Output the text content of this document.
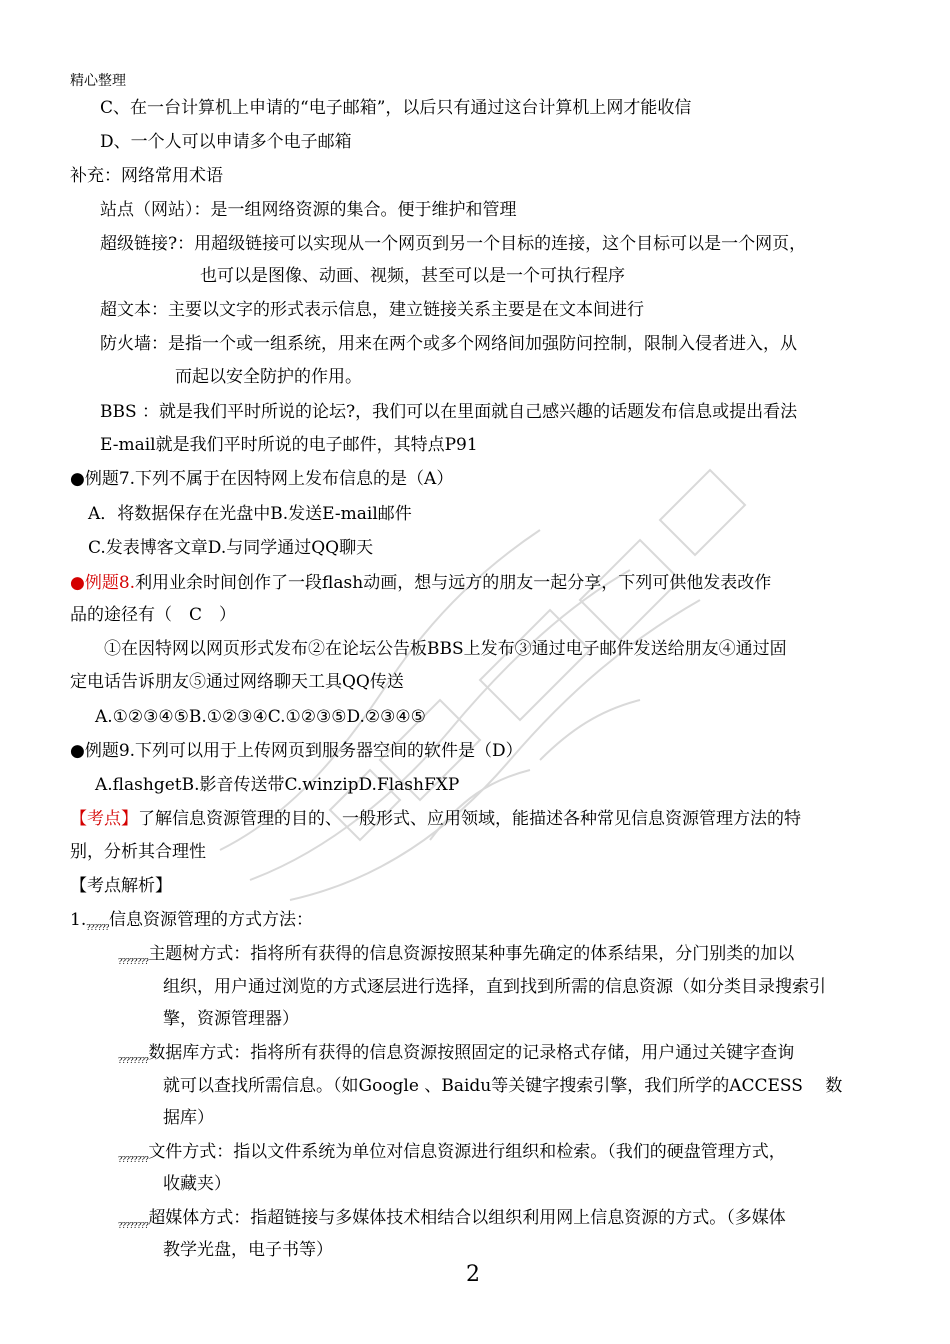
精心整理
C、在一台计算机上申请的“电子邮箱”，以后只有通过这台计算机上网才能收信
D、一个人可以申请多个电子邮箱
补充：网络常用术语
站点（网站）：是一组网络资源的集合。便于维护和管理
超级链接?：用超级链接可以实现从一个网页到另一个目标的连接，这个目标可以是一个网页，
也可以是图像、动画、视频，甚至可以是一个可执行程序
超文本：主要以文字的形式表示信息，建立链接关系主要是在文本间进行
防火墙：是指一个或一组系统，用来在两个或多个网络间加强防问控制，限制入侵者进入，从
而起以安全防护的作用。
BBS ：就是我们平时所说的论坛?，我们可以在里面就自己感兴趣的话题发布信息或提出看法
E-mail就是我们平时所说的电子邮件，其特点P91
●例题7.下列不属于在因特网上发布信息的是（A）
A．将数据保存在光盘中B.发送E-mail邮件
C.发表博客文章D.与同学通过QQ聊天
●例题8.利用业余时间创作了一段flash动画，想与远方的朋友一起分享，下列可供他发表改作
品的途径有（　C　）
①在因特网以网页形式发布②在论坛公告板BBS上发布③通过电子邮件发送给朋友④通过固
定电话告诉朋友⑤通过网络聊天工具QQ传送
A.①②③④⑤B.①②③④C.①②③⑤D.②③④⑤
●例题9.下列可以用于上传网页到服务器空间的软件是（D）
A.flashgetB.影音传送带C.winzipD.FlashFXP
【考点】了解信息资源管理的目的、一般形式、应用领域，能描述各种常见信息资源管理方法的特
别，分析其合理性
【考点解析】
$1._{??????}$信息资源管理的方式方法：
$_{????????}$主题树方式：指将所有获得的信息资源按照某种事先确定的体系结果，分门别类的加以
组织，用户通过浏览的方式逐层进行选择，直到找到所需的信息资源（如分类目录搜索引
擎，资源管理器）
$_{????????}$数据库方式：指将所有获得的信息资源按照固定的记录格式存储，用户通过关键字查询
就可以查找所需信息。（如Google 、Baidu等关键字搜索引擎，我们所学的ACCESS　 数
据库）
$_{????????}$文件方式：指以文件系统为单位对信息资源进行组织和检索。（我们的硬盘管理方式，
收藏夹）
$_{????????}$超媒体方式：指超链接与多媒体技术相结合以组织利用网上信息资源的方式。（多媒体
教学光盘，电子书等）
2
